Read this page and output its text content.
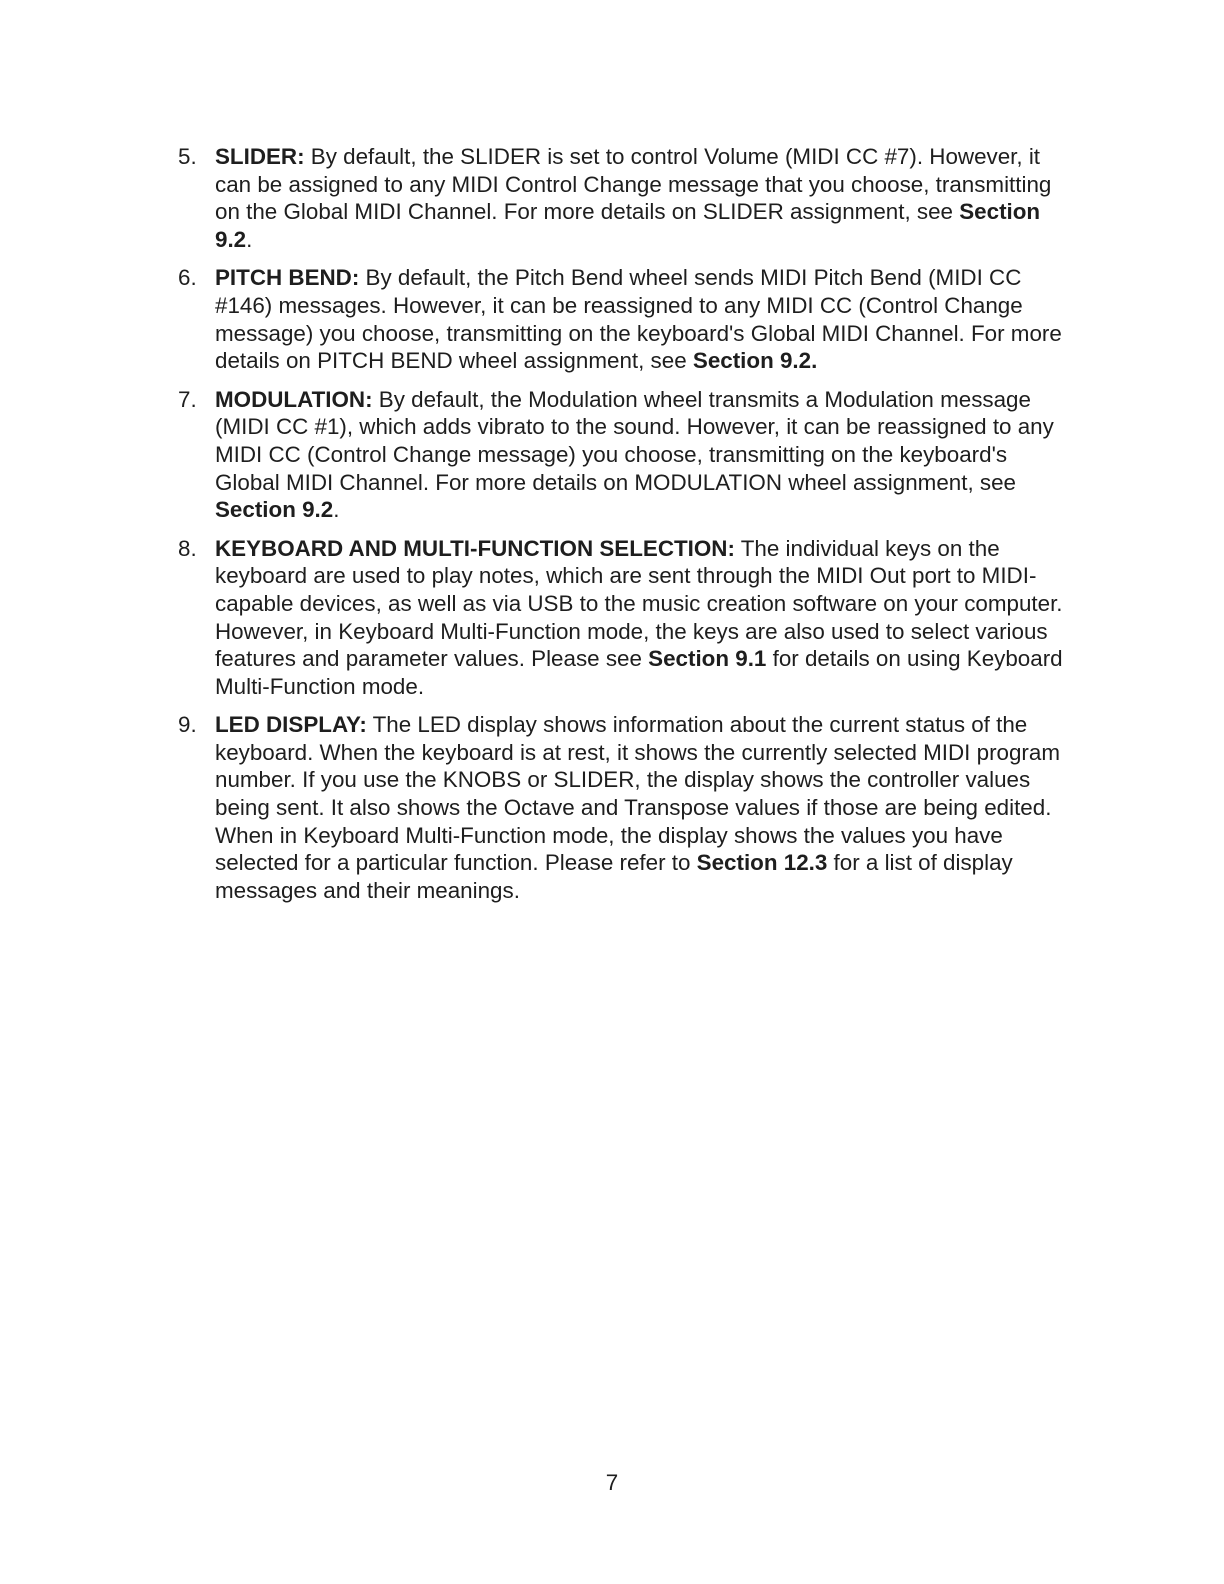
5. SLIDER: By default, the SLIDER is set to control Volume (MIDI CC #7). However, it can be assigned to any MIDI Control Change message that you choose, transmitting on the Global MIDI Channel. For more details on SLIDER assignment, see Section 9.2.
6. PITCH BEND: By default, the Pitch Bend wheel sends MIDI Pitch Bend (MIDI CC #146) messages. However, it can be reassigned to any MIDI CC (Control Change message) you choose, transmitting on the keyboard's Global MIDI Channel. For more details on PITCH BEND wheel assignment, see Section 9.2.
7. MODULATION: By default, the Modulation wheel transmits a Modulation message (MIDI CC #1), which adds vibrato to the sound. However, it can be reassigned to any MIDI CC (Control Change message) you choose, transmitting on the keyboard's Global MIDI Channel. For more details on MODULATION wheel assignment, see Section 9.2.
8. KEYBOARD AND MULTI-FUNCTION SELECTION: The individual keys on the keyboard are used to play notes, which are sent through the MIDI Out port to MIDI-capable devices, as well as via USB to the music creation software on your computer. However, in Keyboard Multi-Function mode, the keys are also used to select various features and parameter values. Please see Section 9.1 for details on using Keyboard Multi-Function mode.
9. LED DISPLAY: The LED display shows information about the current status of the keyboard. When the keyboard is at rest, it shows the currently selected MIDI program number. If you use the KNOBS or SLIDER, the display shows the controller values being sent. It also shows the Octave and Transpose values if those are being edited. When in Keyboard Multi-Function mode, the display shows the values you have selected for a particular function. Please refer to Section 12.3 for a list of display messages and their meanings.
7
